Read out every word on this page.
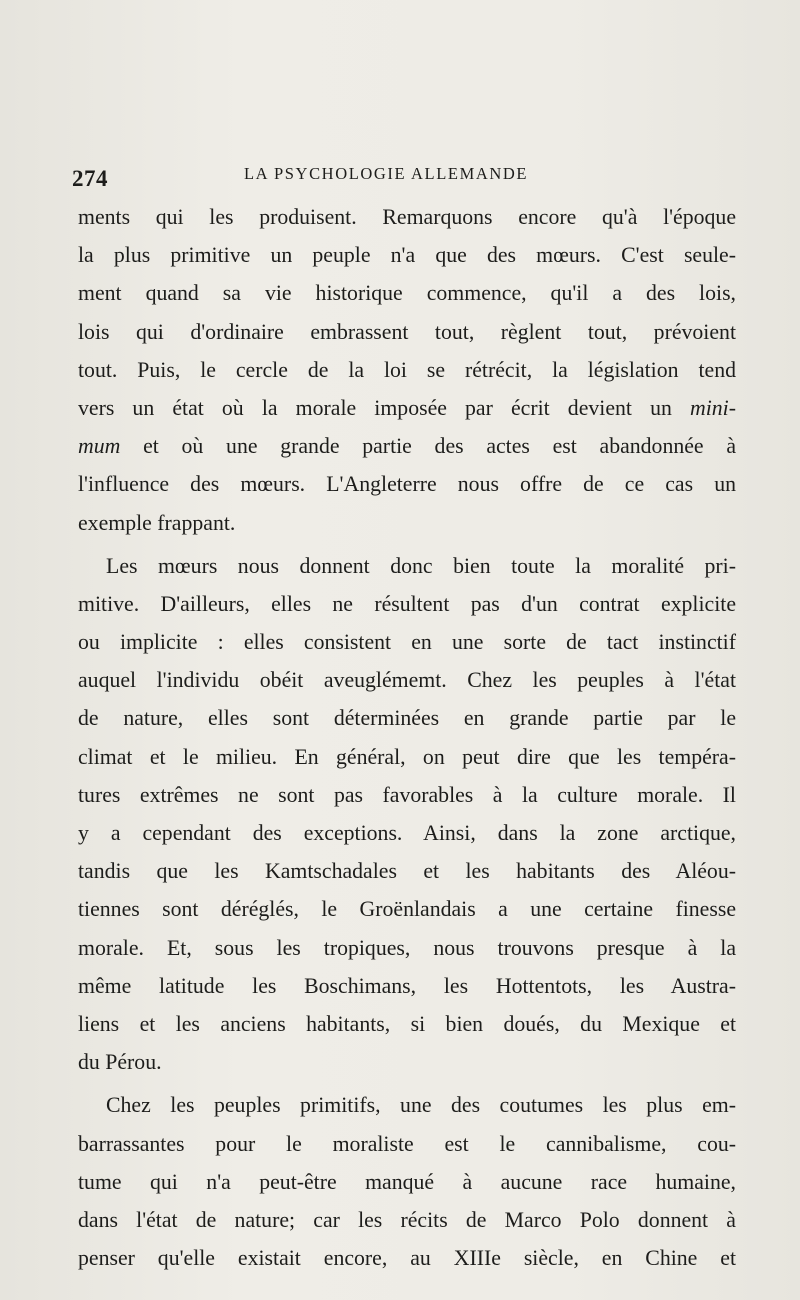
274	LA PSYCHOLOGIE ALLEMANDE
ments qui les produisent. Remarquons encore qu'à l'époque
la plus primitive un peuple n'a que des mœurs. C'est seule-
ment quand sa vie historique commence, qu'il a des lois,
lois qui d'ordinaire embrassent tout, règlent tout, prévoient
tout. Puis, le cercle de la loi se rétrécit, la législation tend
vers un état où la morale imposée par écrit devient un mini-
mum et où une grande partie des actes est abandonnée à
l'influence des mœurs. L'Angleterre nous offre de ce cas un
exemple frappant.
Les mœurs nous donnent donc bien toute la moralité pri-
mitive. D'ailleurs, elles ne résultent pas d'un contrat explicite
ou implicite : elles consistent en une sorte de tact instinctif
auquel l'individu obéit aveuglémemt. Chez les peuples à l'état
de nature, elles sont déterminées en grande partie par le
climat et le milieu. En général, on peut dire que les tempéra-
tures extrêmes ne sont pas favorables à la culture morale. Il
y a cependant des exceptions. Ainsi, dans la zone arctique,
tandis que les Kamtschadales et les habitants des Aléou-
tiennes sont déréglés, le Groënlandais a une certaine finesse
morale. Et, sous les tropiques, nous trouvons presque à la
même latitude les Boschimans, les Hottentots, les Austra-
liens et les anciens habitants, si bien doués, du Mexique et
du Pérou.
Chez les peuples primitifs, une des coutumes les plus em-
barrassantes pour le moraliste est le cannibalisme, cou-
tume qui n'a peut-être manqué à aucune race humaine,
dans l'état de nature; car les récits de Marco Polo donnent à
penser qu'elle existait encore, au XIIIe siècle, en Chine et
